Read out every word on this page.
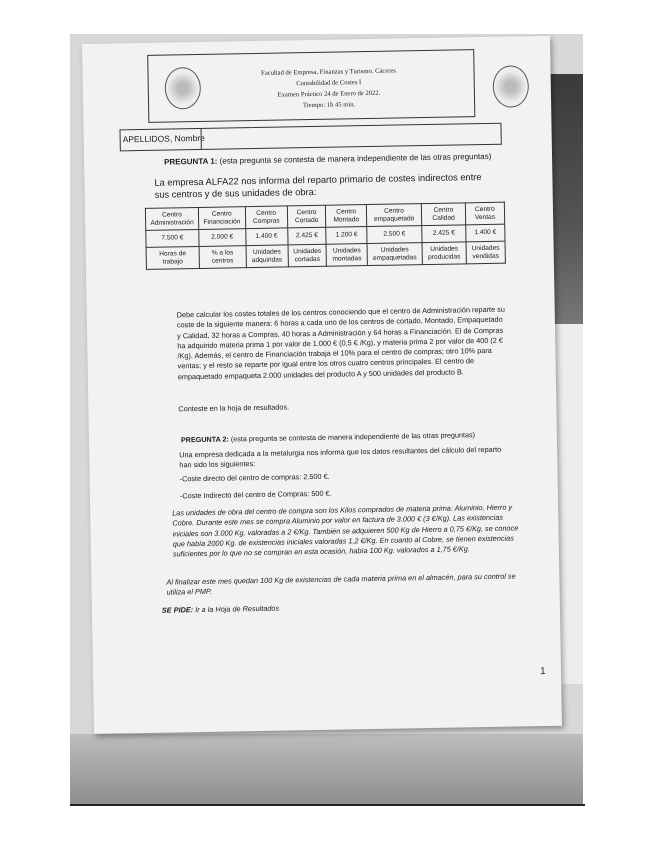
Facultad de Empresa, Finanzas y Turismo. Cáceres
Contabilidad de Costes I
Examen Práctico 24 de Enero de 2022.
Tiempo: 1h 45 min.
APELLIDOS, Nombre
PREGUNTA 1: (esta pregunta se contesta de manera independiente de las otras preguntas)
La empresa ALFA22 nos informa del reparto primario de costes indirectos entre sus centros y de sus unidades de obra:
Centro Administración	Centro Financiación	Centro Compras	Centro Cortado	Centro Montado	Centro empaquetado	Centro Calidad	Centro Ventas
7.500 €	2.000 €	1.400 €	2.425 €	1.200 €	2.500 €	2.425 €	1.400 €
Horas de trabajo	% a los centros	Unidades adquiridas	Unidades cortadas	Unidades montadas	Unidades empaquetadas	Unidades producidas	Unidades vendidas
Debe calcular los costes totales de los centros conociendo que el centro de Administración reparte su coste de la siguiente manera: 6 horas a cada uno de los centros de cortado, Montado, Empaquetado y Calidad, 32 horas a Compras, 40 horas a Administración y 64 horas a Financiación. El de Compras ha adquirido materia prima 1 por valor de 1.000 € (0,5 € /Kg), y materia prima 2 por valor de 400 (2 € /Kg). Además, el centro de Financiación trabaja el 10% para el centro de compras; otro 10% para ventas; y el resto se reparte por igual entre los otros cuatro centros principales. El centro de empaquetado empaqueta 2.000 unidades del producto A y 500 unidades del producto B.
Conteste en la hoja de resultados.
PREGUNTA 2: (esta pregunta se contesta de manera independiente de las otras preguntas)
Una empresa dedicada a la metalurgia nos informa que los datos resultantes del cálculo del reparto han sido los siguientes:
-Coste directo del centro de compras: 2.500 €.
-Coste Indirecto del centro de Compras: 500 €.
Las unidades de obra del centro de compra son los Kilos comprados de materia prima: Aluminio, Hierro y Cobre. Durante este mes se compra Aluminio por valor en factura de 3.000 € (3 €/Kg). Las existencias iniciales son 3.000 Kg. valoradas a 2 €/Kg. También se adquieren 500 Kg de Hierro a 0,75 €/Kg, se conoce que había 2000 Kg. de existencias iniciales valoradas 1,2 €/Kg. En cuanto al Cobre, se tienen existencias suficientes por lo que no se compran en esta ocasión, había 100 Kg. valorados a 1,75 €/Kg.
Al finalizar este mes quedan 100 Kg de existencias de cada materia prima en el almacén, para su control se utiliza el PMP.
SE PIDE: Ir a la Hoja de Resultados
1
